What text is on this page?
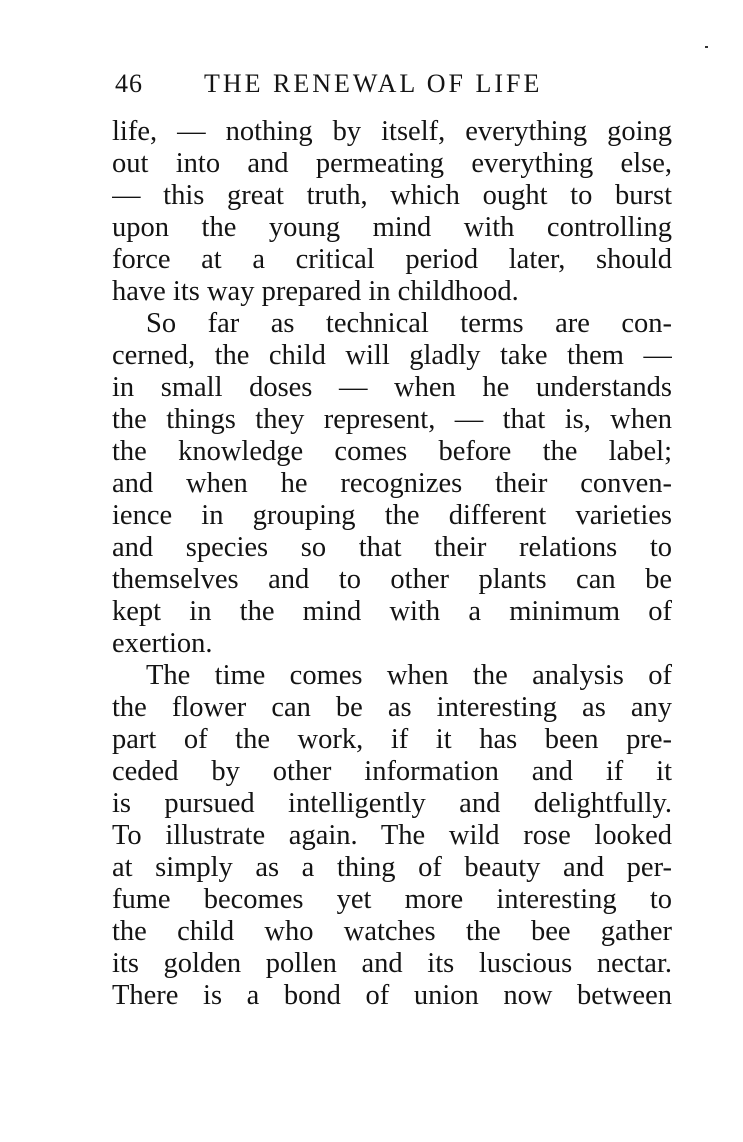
46 THE RENEWAL OF LIFE
life, — nothing by itself, everything going
out into and permeating everything else,
— this great truth, which ought to burst
upon the young mind with controlling
force at a critical period later, should
have its way prepared in childhood.
So far as technical terms are con-
cerned, the child will gladly take them —
in small doses — when he understands
the things they represent, — that is, when
the knowledge comes before the label;
and when he recognizes their conven-
ience in grouping the different varieties
and species so that their relations to
themselves and to other plants can be
kept in the mind with a minimum of
exertion.
The time comes when the analysis of
the flower can be as interesting as any
part of the work, if it has been pre-
ceded by other information and if it
is pursued intelligently and delightfully.
To illustrate again. The wild rose looked
at simply as a thing of beauty and per-
fume becomes yet more interesting to
the child who watches the bee gather
its golden pollen and its luscious nectar.
There is a bond of union now between
